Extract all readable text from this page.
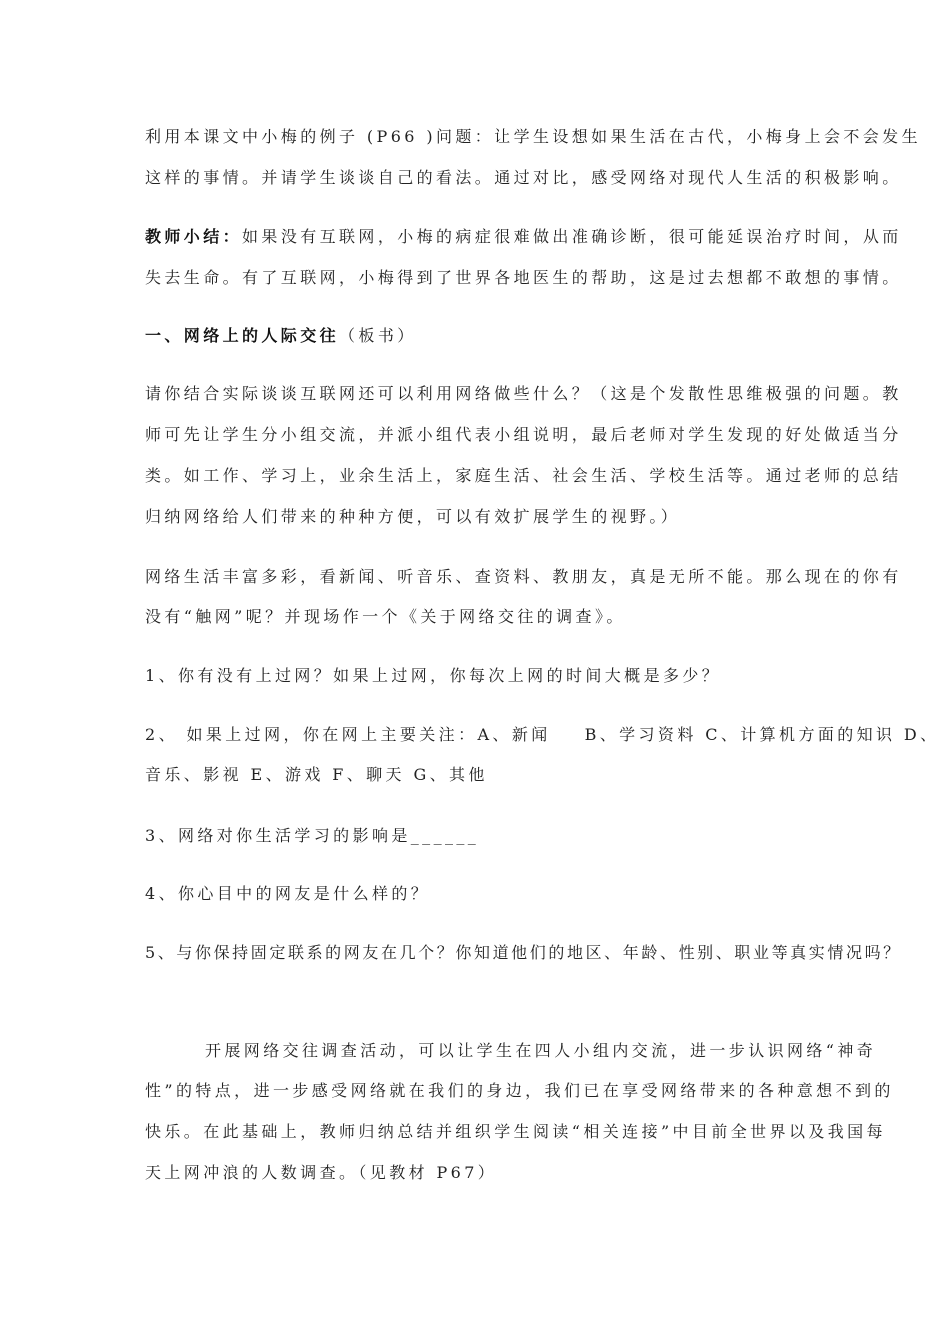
利用本课文中小梅的例子 (P66 )问题：让学生设想如果生活在古代，小梅身上会不会发生
这样的事情。并请学生谈谈自己的看法。通过对比，感受网络对现代人生活的积极影响。
教师小结：如果没有互联网，小梅的病症很难做出准确诊断，很可能延误治疗时间，从而
失去生命。有了互联网，小梅得到了世界各地医生的帮助，这是过去想都不敢想的事情。
一、网络上的人际交往（板书）
请你结合实际谈谈互联网还可以利用网络做些什么？（这是个发散性思维极强的问题。教
师可先让学生分小组交流，并派小组代表小组说明，最后老师对学生发现的好处做适当分
类。如工作、学习上，业余生活上，家庭生活、社会生活、学校生活等。通过老师的总结
归纳网络给人们带来的种种方便，可以有效扩展学生的视野。）
网络生活丰富多彩，看新闻、听音乐、查资料、教朋友，真是无所不能。那么现在的你有
没有“触网”呢？并现场作一个《关于网络交往的调查》。
1、你有没有上过网？如果上过网，你每次上网的时间大概是多少？
2、 如果上过网，你在网上主要关注：A、新闻    B、学习资料 C、计算机方面的知识 D、
音乐、影视 E、游戏 F、聊天 G、其他
3、网络对你生活学习的影响是______
4、你心目中的网友是什么样的？
5、与你保持固定联系的网友在几个？你知道他们的地区、年龄、性别、职业等真实情况吗？
开展网络交往调查活动，可以让学生在四人小组内交流，进一步认识网络“神奇
性”的特点，进一步感受网络就在我们的身边，我们已在享受网络带来的各种意想不到的
快乐。在此基础上，教师归纳总结并组织学生阅读“相关连接”中目前全世界以及我国每
天上网冲浪的人数调查。（见教材 P67）
